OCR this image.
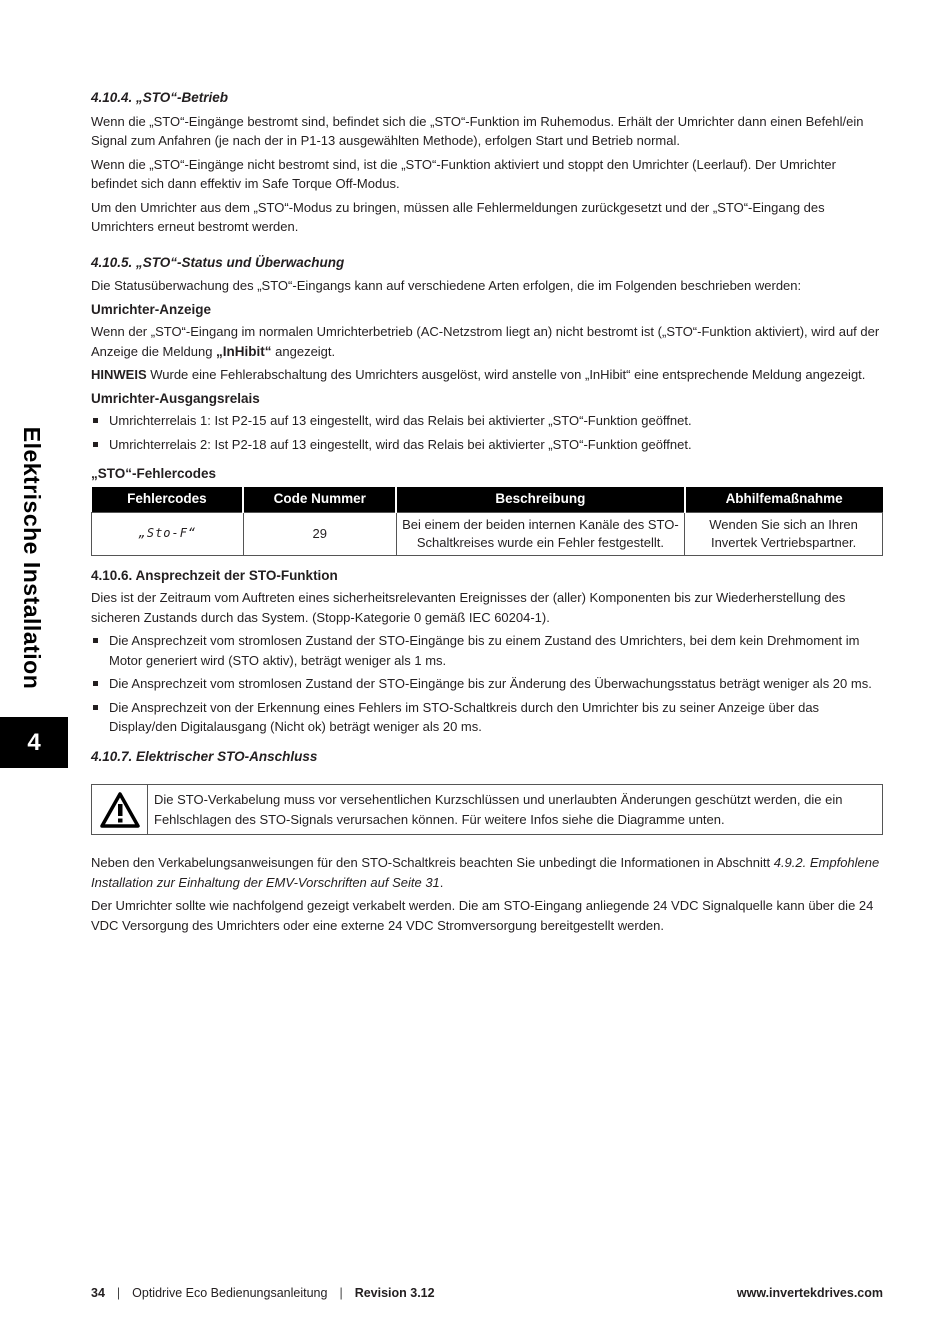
Elektrische Installation
4
4.10.4. „STO“-Betrieb

Wenn die „STO“-Eingänge bestromt sind, befindet sich die „STO“-Funktion im Ruhemodus. Erhält der Umrichter dann einen Befehl/ein Signal zum Anfahren (je nach der in P1-13 ausgewählten Methode), erfolgen Start und Betrieb normal.

Wenn die „STO“-Eingänge nicht bestromt sind, ist die „STO“-Funktion aktiviert und stoppt den Umrichter (Leerlauf). Der Umrichter befindet sich dann effektiv im Safe Torque Off-Modus.

Um den Umrichter aus dem „STO“-Modus zu bringen, müssen alle Fehlermeldungen zurückgesetzt und der „STO“-Eingang des Umrichters erneut bestromt werden.

4.10.5. „STO“-Status und Überwachung

Die Statusüberwachung des „STO“-Eingangs kann auf verschiedene Arten erfolgen, die im Folgenden beschrieben werden:

Umrichter-Anzeige

Wenn der „STO“-Eingang im normalen Umrichterbetrieb (AC-Netzstrom liegt an) nicht bestromt ist („STO“-Funktion aktiviert), wird auf der Anzeige die Meldung „InHibit“ angezeigt.

HINWEIS Wurde eine Fehlerabschaltung des Umrichters ausgelöst, wird anstelle von „InHibit“ eine entsprechende Meldung angezeigt.

Umrichter-Ausgangsrelais
Umrichterrelais 1: Ist P2-15 auf 13 eingestellt, wird das Relais bei aktivierter „STO“-Funktion geöffnet.
Umrichterrelais 2: Ist P2-18 auf 13 eingestellt, wird das Relais bei aktivierter „STO“-Funktion geöffnet.
„STO“-Fehlercodes
Fehlercodes	Code Nummer	Beschreibung	Abhilfemaßnahme
„Sto-F“	29	Bei einem der beiden internen Kanäle des STO-Schaltkreises wurde ein Fehler festgestellt.	Wenden Sie sich an Ihren Invertek Vertriebspartner.
4.10.6. Ansprechzeit der STO-Funktion

Dies ist der Zeitraum vom Auftreten eines sicherheitsrelevanten Ereignisses der (aller) Komponenten bis zur Wiederherstellung des sicheren Zustands durch das System. (Stopp-Kategorie 0 gemäß IEC 60204-1).

Die Ansprechzeit vom stromlosen Zustand der STO-Eingänge bis zu einem Zustand des Umrichters, bei dem kein Drehmoment im Motor generiert wird (STO aktiv), beträgt weniger als 1 ms.
Die Ansprechzeit vom stromlosen Zustand der STO-Eingänge bis zur Änderung des Überwachungsstatus beträgt weniger als 20 ms.
Die Ansprechzeit von der Erkennung eines Fehlers im STO-Schaltkreis durch den Umrichter bis zu seiner Anzeige über das Display/den Digitalausgang (Nicht ok) beträgt weniger als 20 ms.
4.10.7. Elektrischer STO-Anschluss
Die STO-Verkabelung muss vor versehentlichen Kurzschlüssen und unerlaubten Änderungen geschützt werden, die ein Fehlschlagen des STO-Signals verursachen können. Für weitere Infos siehe die Diagramme unten.

Neben den Verkabelungsanweisungen für den STO-Schaltkreis beachten Sie unbedingt die Informationen in Abschnitt 4.9.2. Empfohlene Installation zur Einhaltung der EMV-Vorschriften auf Seite 31.

Der Umrichter sollte wie nachfolgend gezeigt verkabelt werden. Die am STO-Eingang anliegende 24 VDC Signalquelle kann über die 24 VDC Versorgung des Umrichters oder eine externe 24 VDC Stromversorgung bereitgestellt werden.

34 | Optidrive Eco Bedienungsanleitung | Revision 3.12	www.invertekdrives.com
